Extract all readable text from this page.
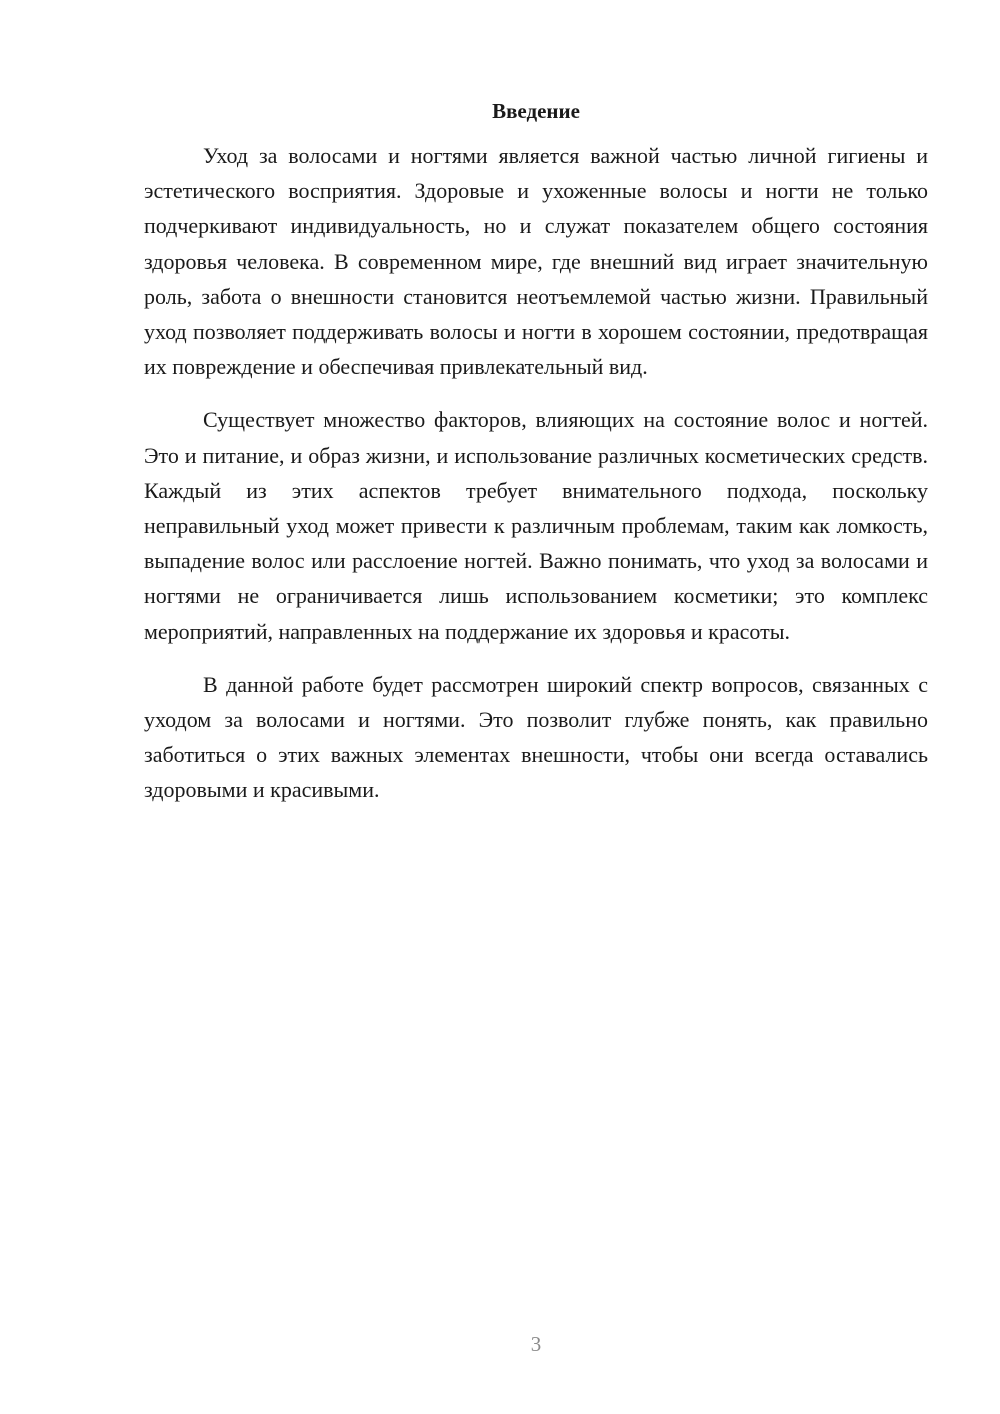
Введение

Уход за волосами и ногтями является важной частью личной гигиены и эстетического восприятия. Здоровые и ухоженные волосы и ногти не только подчеркивают индивидуальность, но и служат показателем общего состояния здоровья человека. В современном мире, где внешний вид играет значительную роль, забота о внешности становится неотъемлемой частью жизни. Правильный уход позволяет поддерживать волосы и ногти в хорошем состоянии, предотвращая их повреждение и обеспечивая привлекательный вид.

Существует множество факторов, влияющих на состояние волос и ногтей. Это и питание, и образ жизни, и использование различных косметических средств. Каждый из этих аспектов требует внимательного подхода, поскольку неправильный уход может привести к различным проблемам, таким как ломкость, выпадение волос или расслоение ногтей. Важно понимать, что уход за волосами и ногтями не ограничивается лишь использованием косметики; это комплекс мероприятий, направленных на поддержание их здоровья и красоты.

В данной работе будет рассмотрен широкий спектр вопросов, связанных с уходом за волосами и ногтями. Это позволит глубже понять, как правильно заботиться о этих важных элементах внешности, чтобы они всегда оставались здоровыми и красивыми.

3
